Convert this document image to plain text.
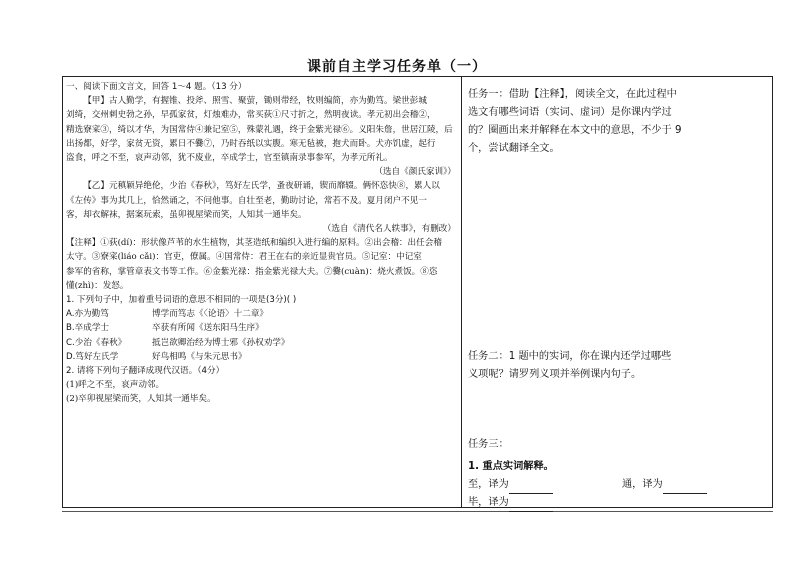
课前自主学习任务单（一）

一、阅读下面文言文，回答 1～4 题。（13 分）

【甲】古人勤学，有握锥、投斧、照雪、聚萤，锄则带经，牧则编简，亦为勤笃。梁世彭城

刘绮，交州刺史勃之孙，早孤家贫，灯烛难办，常买荻①尺寸折之，然明夜读。孝元初出会稽②，

精选寮寀③，绮以才华，为国常侍④兼记室⑤，殊蒙礼遇，终于金紫光禄⑥。义阳朱詹，世居江陵，后

出扬都，好学，家贫无资，累日不爨⑦，乃时吞纸以实腹。寒无毡被，抱犬而卧。犬亦饥虚，起行

盗食，呼之不至，哀声动邻，犹不废业，卒成学士，官至镇南录事参军，为孝元所礼。

（选自《颜氏家训》）

【乙】元稹颖异绝伦，少治《春秋》，笃好左氏学，蚤夜研诵，锲而靡辍。俩怀恣快⑧，累人以

《左传》事为其几上，恰然诵之，不问他事。自壮至老，勤助讨论，常若不及。夏月闭户不见一

客，却衣解袜，据案玩索，虽卯视屋梁而笑，人知其一通毕矣。

（选自《清代名人轶事》，有删改）

【注释】①荻(dí)：形状像芦苇的水生植物，其茎造纸和编织入进行编的原料。②出会稽：出任会稽

太守。③寮寀(liáo cǎi)：官吏，僚属。④国常侍：君王在右的亲近显贵官员。⑤记室：中记室

参军的省称，掌管章表文书等工作。⑥金紫光禄：指金紫光禄大夫。⑦爨(cuàn)：烧火煮饭。⑧恣

懂(zhì)：发怒。

1. 下列句子中，加着重号词语的意思不相同的一项是(3分)( )

A.亦为勤笃	博学而笃志《〈论语〉十二章》
B.卒成学士	卒获有所闻《送东阳马生序》
C.少治《春秋》	抵岂欲卿治经为博士邪《孙权劝学》
D.笃好左氏学	好鸟相鸣《与朱元思书》

2. 请将下列句子翻译成现代汉语。（4分）

(1)呼之不至，哀声动邻。

(2)卒卯视屋梁而笑，人知其一通毕矣。

任务一：借助【注释】，阅读全文，在此过程中

选文有哪些词语（实词、虚词）是你课内学过

的？圈画出来并解释在本文中的意思，不少于 9

个，尝试翻译全文。

任务二：1 题中的实词，你在课内还学过哪些

义项呢？请罗列义项并举例课内句子。

任务三：

1. 重点实词解释。

至，译为	通，译为
毕，译为
